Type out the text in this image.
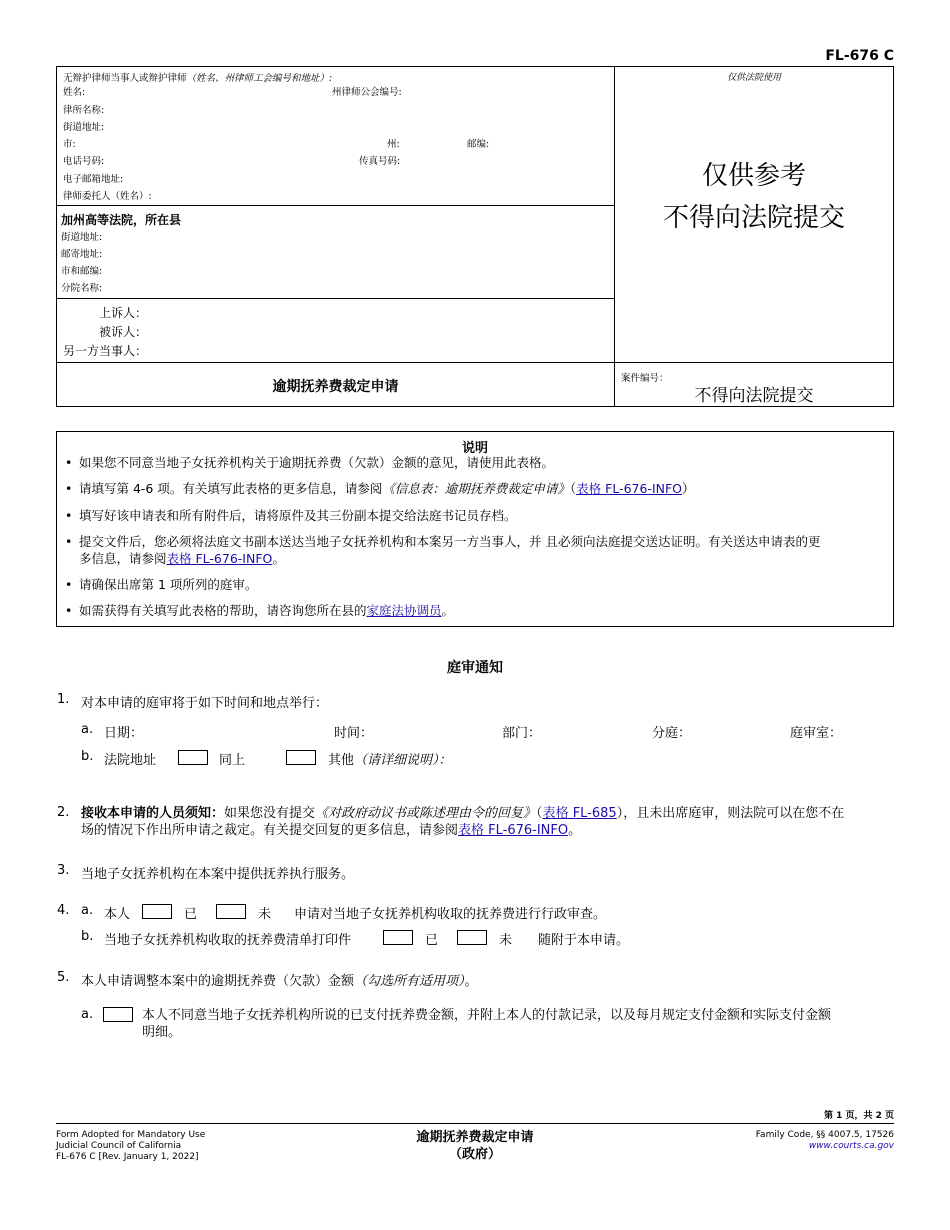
FL-676 C
无辩护律师当事人或辩护律师（姓名、州律师工会编号和地址）:
姓名:	州律师公会编号:
律所名称:
街道地址:
市:	州:	邮编:
电话号码:	传真号码:
电子邮箱地址:
律师委托人（姓名）:
加州高等法院，所在县
街道地址:
邮寄地址:
市和邮编:
分院名称:
上诉人：
被诉人：
另一方当事人：
逾期抚养费裁定申请
仅供法院使用
仅供参考
不得向法院提交
案件编号：
不得向法院提交
说明
• 如果您不同意当地子女抚养机构关于逾期抚养费（欠款）金额的意见，请使用此表格。
• 请填写第 4-6 项。有关填写此表格的更多信息，请参阅《信息表：逾期抚养费裁定申请》（表格 FL-676-INFO）
• 填写好该申请表和所有附件后，请将原件及其三份副本提交给法庭书记员存档。
• 提交文件后，您必须将法庭文书副本送达当地子女抚养机构和本案另一方当事人，并 且必须向法庭提交送达证明。有关送达申请表的更
多信息，请参阅表格 FL-676-INFO。
• 请确保出席第 1 项所列的庭审。
• 如需获得有关填写此表格的帮助，请咨询您所在县的家庭法协调员。
庭审通知
1. 对本申请的庭审将于如下时间和地点举行：
a. 日期：	时间：	部门：	分庭：	庭审室：
b. 法院地址	同上	其他（请详细说明）：
2. 接收本申请的人员须知：如果您没有提交《对政府动议书或陈述理由令的回复》（表格 FL-685），且未出席庭审，则法院可以在您不在
场的情况下作出所申请之裁定。有关提交回复的更多信息，请参阅表格 FL-676-INFO。
3. 当地子女抚养机构在本案中提供抚养执行服务。
4. a. 本人	已	未 申请对当地子女抚养机构收取的抚养费进行行政审查。
b. 当地子女抚养机构收取的抚养费清单打印件	已	未 随附于本申请。
5. 本人申请调整本案中的逾期抚养费（欠款）金额（勾选所有适用项）。
a.	本人不同意当地子女抚养机构所说的已支付抚养费金额，并附上本人的付款记录，以及每月规定支付金额和实际支付金额
明细。
第 1 页，共 2 页
Form Adopted for Mandatory Use
Judicial Council of California
FL-676 C [Rev. January 1, 2022]
逾期抚养费裁定申请
（政府）
Family Code, §§ 4007.5, 17526
www.courts.ca.gov
